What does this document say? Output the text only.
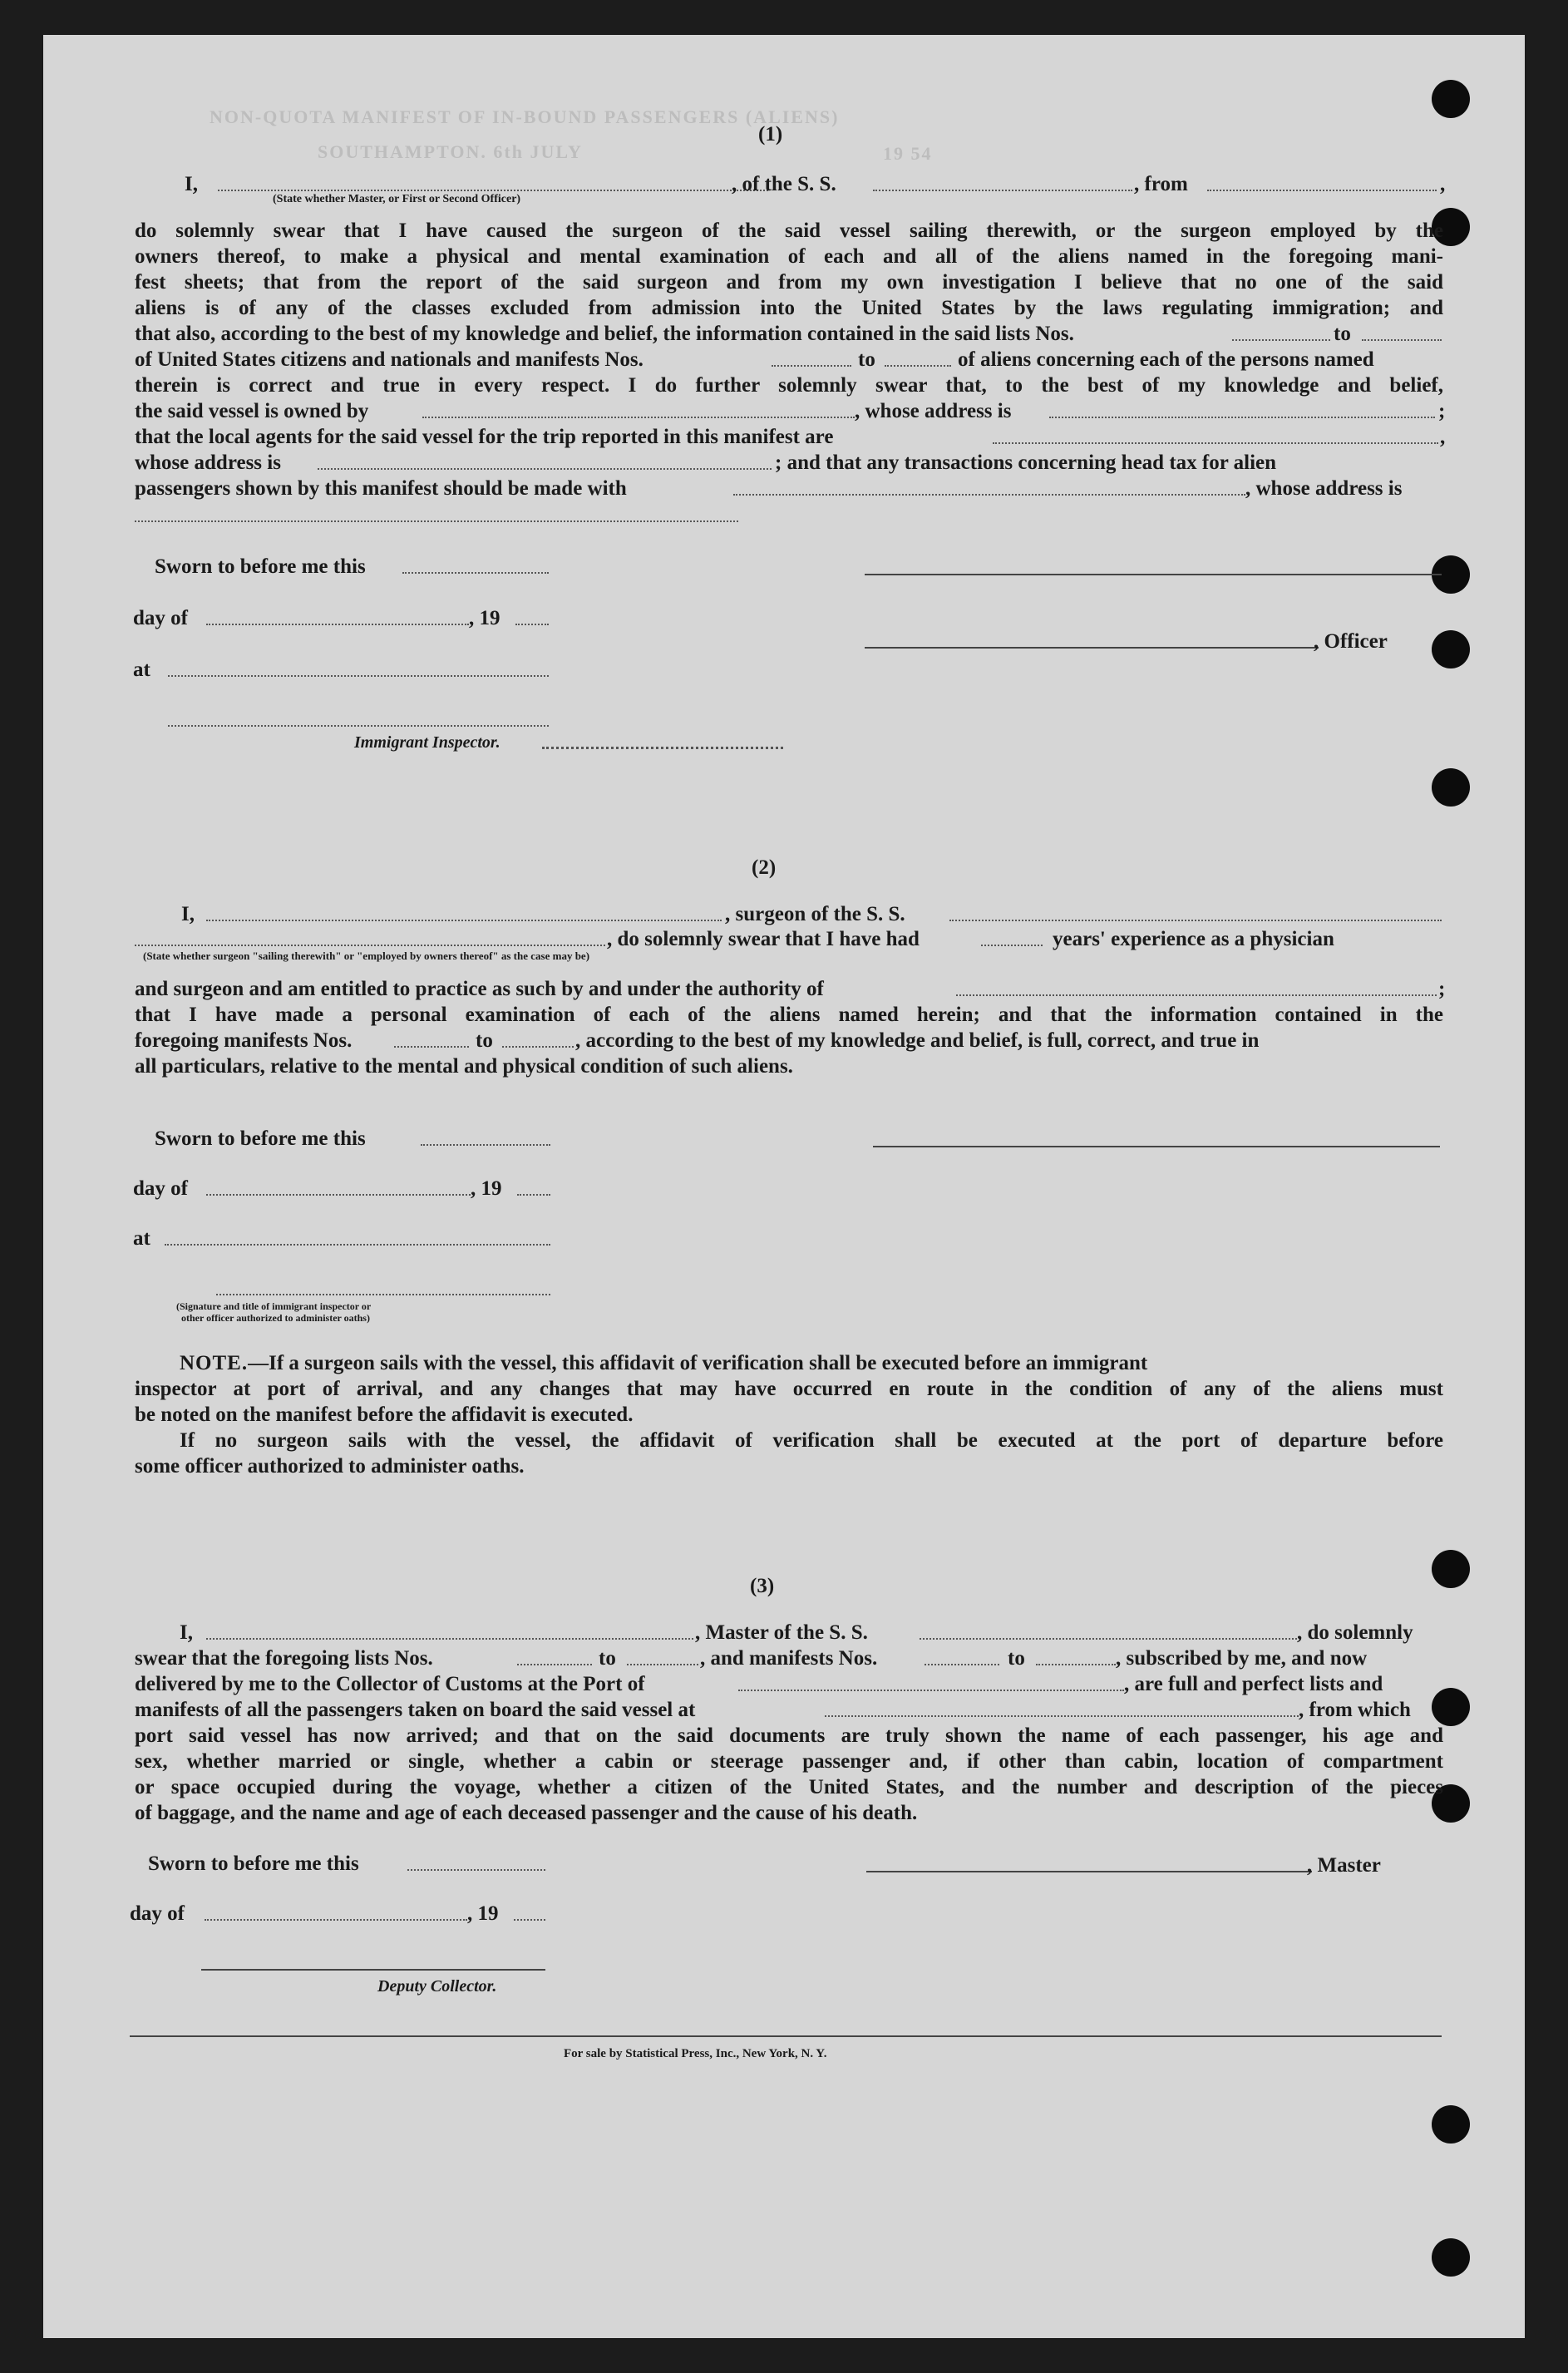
NON-QUOTA MANIFEST OF IN-BOUND PASSENGERS (ALIENS)
SOUTHAMPTON. 6th JULY	19 54
(1)
I,
(State whether Master, or First or Second Officer)
, of the S. S.	, from	,
do solemnly swear that I have caused the surgeon of the said vessel sailing therewith, or the surgeon employed by the
owners thereof, to make a physical and mental examination of each and all of the aliens named in the foregoing mani-
fest sheets; that from the report of the said surgeon and from my own investigation I believe that no one of the said
aliens is of any of the classes excluded from admission into the United States by the laws regulating immigration; and
that also, according to the best of my knowledge and belief, the information contained in the said lists Nos.	to
of United States citizens and nationals and manifests Nos.	to	of aliens concerning each of the persons named
therein is correct and true in every respect. I do further solemnly swear that, to the best of my knowledge and belief,
the said vessel is owned by	, whose address is	;
that the local agents for the said vessel for the trip reported in this manifest are	,
whose address is	; and that any transactions concerning head tax for alien
passengers shown by this manifest should be made with	, whose address is
Sworn to before me this
day of	, 19
, Officer
at
Immigrant Inspector.
(2)
I,	, surgeon of the S. S.
, do solemnly swear that I have had	years' experience as a physician
(State whether surgeon "sailing therewith" or "employed by owners thereof" as the case may be)
and surgeon and am entitled to practice as such by and under the authority of	;
that I have made a personal examination of each of the aliens named herein; and that the information contained in the
foregoing manifests Nos.	to	, according to the best of my knowledge and belief, is full, correct, and true in
all particulars, relative to the mental and physical condition of such aliens.
Sworn to before me this
day of	, 19
at
(Signature and title of immigrant inspector or
other officer authorized to administer oaths)
NOTE.—If a surgeon sails with the vessel, this affidavit of verification shall be executed before an immigrant
inspector at port of arrival, and any changes that may have occurred en route in the condition of any of the aliens must
be noted on the manifest before the affidavit is executed.
If no surgeon sails with the vessel, the affidavit of verification shall be executed at the port of departure before
some officer authorized to administer oaths.
(3)
I,	, Master of the S. S.	, do solemnly
swear that the foregoing lists Nos.	to	, and manifests Nos.	to	, subscribed by me, and now
delivered by me to the Collector of Customs at the Port of	, are full and perfect lists and
manifests of all the passengers taken on board the said vessel at	, from which
port said vessel has now arrived; and that on the said documents are truly shown the name of each passenger, his age and
sex, whether married or single, whether a cabin or steerage passenger and, if other than cabin, location of compartment
or space occupied during the voyage, whether a citizen of the United States, and the number and description of the pieces
of baggage, and the name and age of each deceased passenger and the cause of his death.
Sworn to before me this	, Master
day of	, 19
Deputy Collector.
For sale by Statistical Press, Inc., New York, N. Y.
